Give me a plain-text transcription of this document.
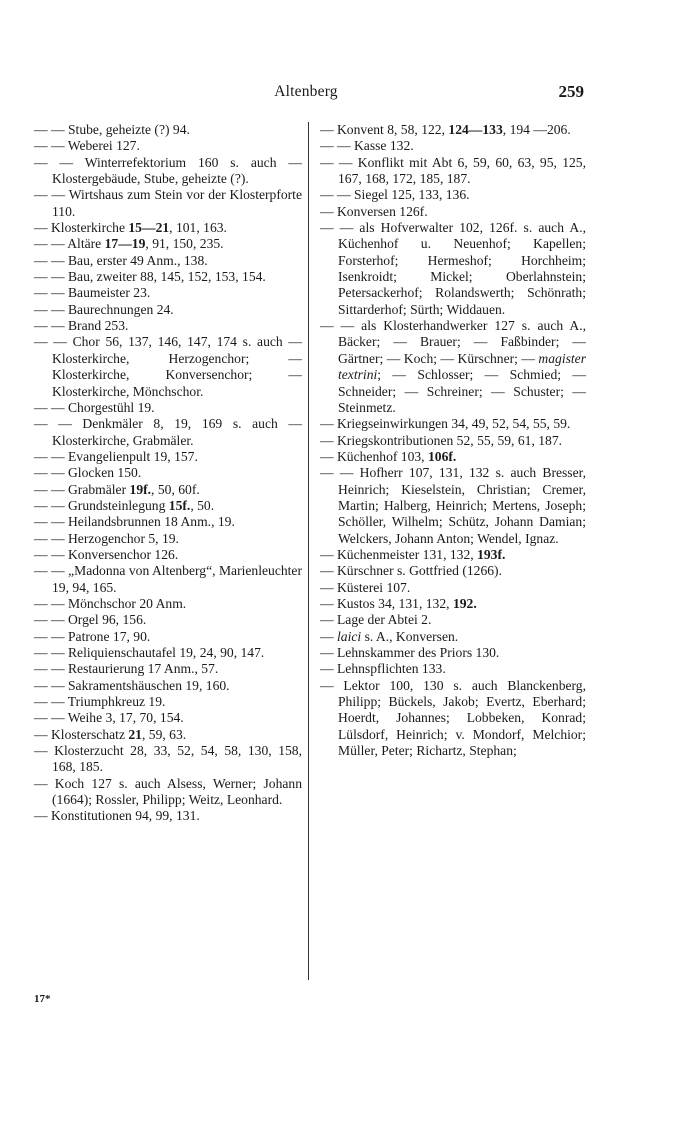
Altenberg	259

— — Stube, geheizte (?) 94.

— — Weberei 127.

— — Winterrefektorium 160 s. auch — Klostergebäude, Stube, geheizte (?).

— — Wirtshaus zum Stein vor der Klosterpforte 110.

— Klosterkirche 15—21, 101, 163.

— — Altäre 17—19, 91, 150, 235.

— — Bau, erster 49 Anm., 138.

— — Bau, zweiter 88, 145, 152, 153, 154.

— — Baumeister 23.

— — Baurechnungen 24.

— — Brand 253.

— — Chor 56, 137, 146, 147, 174 s. auch — Klosterkirche, Herzogenchor; — Klosterkirche, Konversenchor; — Klosterkirche, Mönchschor.

— — Chorgestühl 19.

— — Denkmäler 8, 19, 169 s. auch — Klosterkirche, Grabmäler.

— — Evangelienpult 19, 157.

— — Glocken 150.

— — Grabmäler 19f., 50, 60f.

— — Grundsteinlegung 15f., 50.

— — Heilandsbrunnen 18 Anm., 19.

— — Herzogenchor 5, 19.

— — Konversenchor 126.

— — „Madonna von Altenberg“, Marienleuchter 19, 94, 165.

— — Mönchschor 20 Anm.

— — Orgel 96, 156.

— — Patrone 17, 90.

— — Reliquienschautafel 19, 24, 90, 147.

— — Restaurierung 17 Anm., 57.

— — Sakramentshäuschen 19, 160.

— — Triumphkreuz 19.

— — Weihe 3, 17, 70, 154.

— Klosterschatz 21, 59, 63.

— Klosterzucht 28, 33, 52, 54, 58, 130, 158, 168, 185.

— Koch 127 s. auch Alsess, Werner; Johann (1664); Rossler, Philipp; Weitz, Leonhard.

— Konstitutionen 94, 99, 131.

— Konvent 8, 58, 122, 124—133, 194 —206.

— — Kasse 132.

— — Konflikt mit Abt 6, 59, 60, 63, 95, 125, 167, 168, 172, 185, 187.

— — Siegel 125, 133, 136.

— Konversen 126f.

— — als Hofverwalter 102, 126f. s. auch A., Küchenhof u. Neuenhof; Kapellen; Forsterhof; Hermeshof; Horchheim; Isenkroidt; Mickel; Oberlahnstein; Petersackerhof; Rolandswerth; Schönrath; Sittarderhof; Sürth; Widdauen.

— — als Klosterhandwerker 127 s. auch A., Bäcker; — Brauer; — Faßbinder; — Gärtner; — Koch; — Kürschner; — magister textrini; — Schlosser; — Schmied; — Schneider; — Schreiner; — Schuster; — Steinmetz.

— Kriegseinwirkungen 34, 49, 52, 54, 55, 59.

— Kriegskontributionen 52, 55, 59, 61, 187.

— Küchenhof 103, 106f.

— — Hofherr 107, 131, 132 s. auch Bresser, Heinrich; Kieselstein, Christian; Cremer, Martin; Halberg, Heinrich; Mertens, Joseph; Schöller, Wilhelm; Schütz, Johann Damian; Welckers, Johann Anton; Wendel, Ignaz.

— Küchenmeister 131, 132, 193f.

— Kürschner s. Gottfried (1266).

— Küsterei 107.

— Kustos 34, 131, 132, 192.

— Lage der Abtei 2.

— laici s. A., Konversen.

— Lehnskammer des Priors 130.

— Lehnspflichten 133.

— Lektor 100, 130 s. auch Blanckenberg, Philipp; Bückels, Jakob; Evertz, Eberhard; Hoerdt, Johannes; Lobbeken, Konrad; Lülsdorf, Heinrich; v. Mondorf, Melchior; Müller, Peter; Richartz, Stephan;

17*
